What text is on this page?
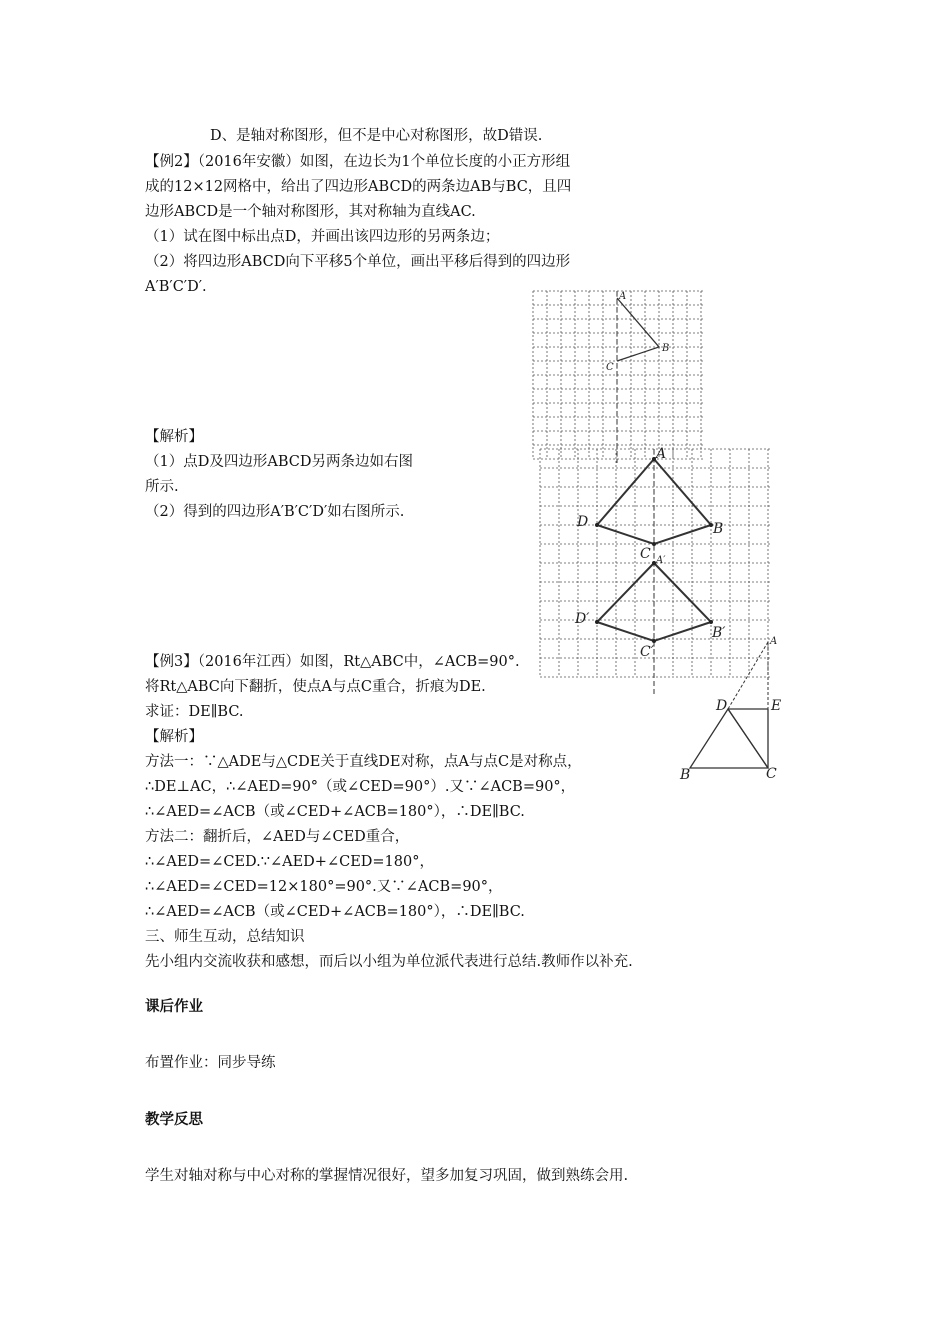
D、是轴对称图形，但不是中心对称图形，故D错误.
【例2】（2016年安徽）如图，在边长为1个单位长度的小正方形组
成的12×12网格中，给出了四边形ABCD的两条边AB与BC，且四
边形ABCD是一个轴对称图形，其对称轴为直线AC.
（1）试在图中标出点D，并画出该四边形的另两条边；
（2）将四边形ABCD向下平移5个单位，画出平移后得到的四边形
A′B′C′D′.
【解析】
（1）点D及四边形ABCD另两条边如右图
所示.
（2）得到的四边形A′B′C′D′如右图所示.
【例3】（2016年江西）如图，Rt△ABC中，∠ACB=90°.
将Rt△ABC向下翻折，使点A与点C重合，折痕为DE.
求证：DE∥BC.
【解析】
方法一：∵△ADE与△CDE关于直线DE对称，点A与点C是对称点，
∴DE⊥AC，∴∠AED=90°（或∠CED=90°）.又∵∠ACB=90°，
∴∠AED=∠ACB（或∠CED+∠ACB=180°），∴DE∥BC.
方法二：翻折后，∠AED与∠CED重合，
∴∠AED=∠CED.∵∠AED+∠CED=180°，
∴∠AED=∠CED=12×180°=90°.又∵∠ACB=90°，
∴∠AED=∠ACB（或∠CED+∠ACB=180°），∴DE∥BC.
三、师生互动，总结知识
先小组内交流收获和感想，而后以小组为单位派代表进行总结.教师作以补充.
课后作业
布置作业：同步导练
教学反思
学生对轴对称与中心对称的掌握情况很好，望多加复习巩固，做到熟练会用.
A
B
C
A
B
C
D
A′
B′
C′
D′
A
B	C
D	E
